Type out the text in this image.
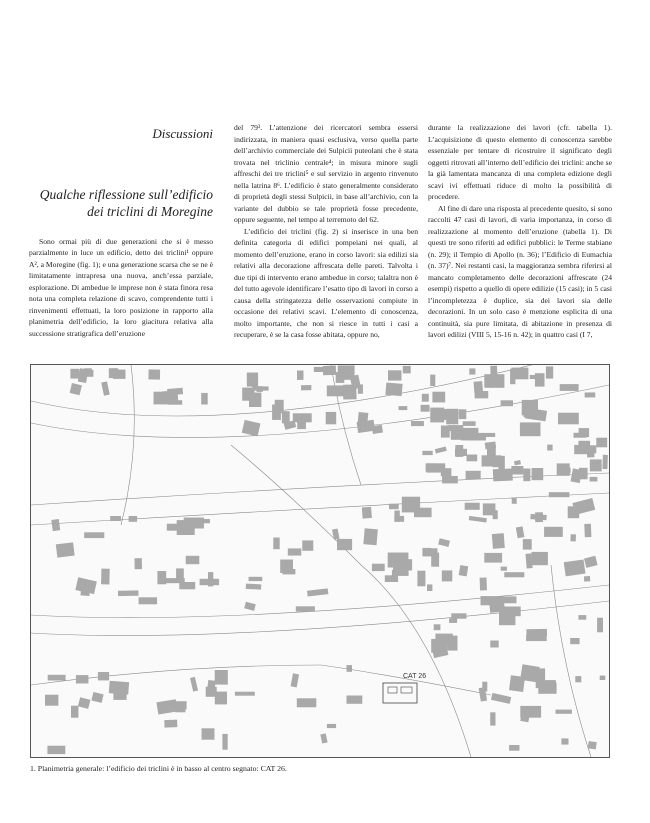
Discussioni
Qualche riflessione sull’edificio
dei triclini di Moregine

Sono ormai più di due generazioni che si è messo parzialmente in luce un edificio, detto dei triclini¹ oppure A², a Moregine (fig. 1); e una generazione scarsa che se ne è limitatamente intrapresa una nuova, anch’essa parziale, esplorazione. Di ambedue le imprese non è stata finora resa nota una completa relazione di scavo, comprendente tutti i rinvenimenti effettuati, la loro posizione in rapporto alla planimetria dell’edificio, la loro giacitura relativa alla successione stratigrafica dell’eruzione

del 79³. L’attenzione dei ricercatori sembra essersi indirizzata, in maniera quasi esclusiva, verso quella parte dell’archivio commerciale dei Sulpicii puteolani che è stata trovata nel triclinio centrale⁴; in misura minore sugli affreschi dei tre triclini⁵ e sul servizio in argento rinvenuto nella latrina 8⁶. L’edificio è stato generalmente considerato di proprietà degli stessi Sulpicii, in base all’archivio, con la variante del dubbio se tale proprietà fosse precedente, oppure seguente, nel tempo al terremoto del 62.

L’edificio dei triclini (fig. 2) si inserisce in una ben definita categoria di edifici pompeiani nei quali, al momento dell’eruzione, erano in corso lavori: sia edilizi sia relativi alla decorazione affrescata delle pareti. Talvolta i due tipi di intervento erano ambedue in corso; talaltra non è del tutto agevole identificare l’esatto tipo di lavori in corso a causa della stringatezza delle osservazioni compiute in occasione dei relativi scavi. L’elemento di conoscenza, molto importante, che non si riesce in tutti i casi a recuperare, è se la casa fosse abitata, oppure no,

durante la realizzazione dei lavori (cfr. tabella 1). L’acquisizione di questo elemento di conoscenza sarebbe essenziale per tentare di ricostruire il significato degli oggetti ritrovati all’interno dell’edificio dei triclini: anche se la già lamentata mancanza di una completa edizione degli scavi ivi effettuati riduce di molto la possibilità di procedere.

Al fine di dare una risposta al precedente quesito, si sono raccolti 47 casi di lavori, di varia importanza, in corso di realizzazione al momento dell’eruzione (tabella 1). Di questi tre sono riferiti ad edifici pubblici: le Terme stabiane (n. 29); il Tempio di Apollo (n. 36); l’Edificio di Eumachia (n. 37)⁷. Nei restanti casi, la maggioranza sembra riferirsi al mancato completamento delle decorazioni affrescate (24 esempi) rispetto a quello di opere edilizie (15 casi); in 5 casi l’incompletezza è duplice, sia dei lavori sia delle decorazioni. In un solo caso è menzione esplicita di una continuità, sia pure limitata, di abitazione in presenza di lavori edilizi (VIII 5, 15-16 n. 42); in quattro casi (I 7,

CAT 26
1. Planimetria generale: l’edificio dei triclini è in basso al centro segnato: CAT 26.
